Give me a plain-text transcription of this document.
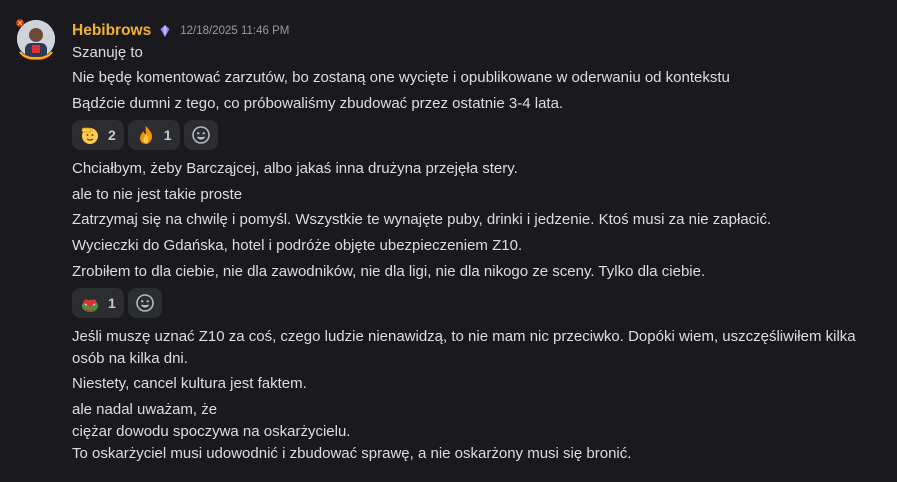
Hebibrows	12/18/2025 11:46 PM
Szanuję to
Nie będę komentować zarzutów, bo zostaną one wycięte i opublikowane w oderwaniu od kontekstu
Bądźcie dumni z tego, co próbowaliśmy zbudować przez ostatnie 3-4 lata.
2	1
Chciałbym, żeby Barcząjcej, albo jakaś inna drużyna przejęła stery.
ale to nie jest takie proste
Zatrzymaj się na chwilę i pomyśl. Wszystkie te wynajęte puby, drinki i jedzenie. Ktoś musi za nie zapłacić.
Wycieczki do Gdańska, hotel i podróże objęte ubezpieczeniem Z10.
Zrobiłem to dla ciebie, nie dla zawodników, nie dla ligi, nie dla nikogo ze sceny. Tylko dla ciebie.
1
Jeśli muszę uznać Z10 za coś, czego ludzie nienawidzą, to nie mam nic przeciwko. Dopóki wiem, uszczęśliwiłem kilka osób na kilka dni.
Niestety, cancel kultura jest faktem.
ale nadal uważam, że
ciężar dowodu spoczywa na oskarżycielu.
To oskarżyciel musi udowodnić i zbudować sprawę, a nie oskarżony musi się bronić.
